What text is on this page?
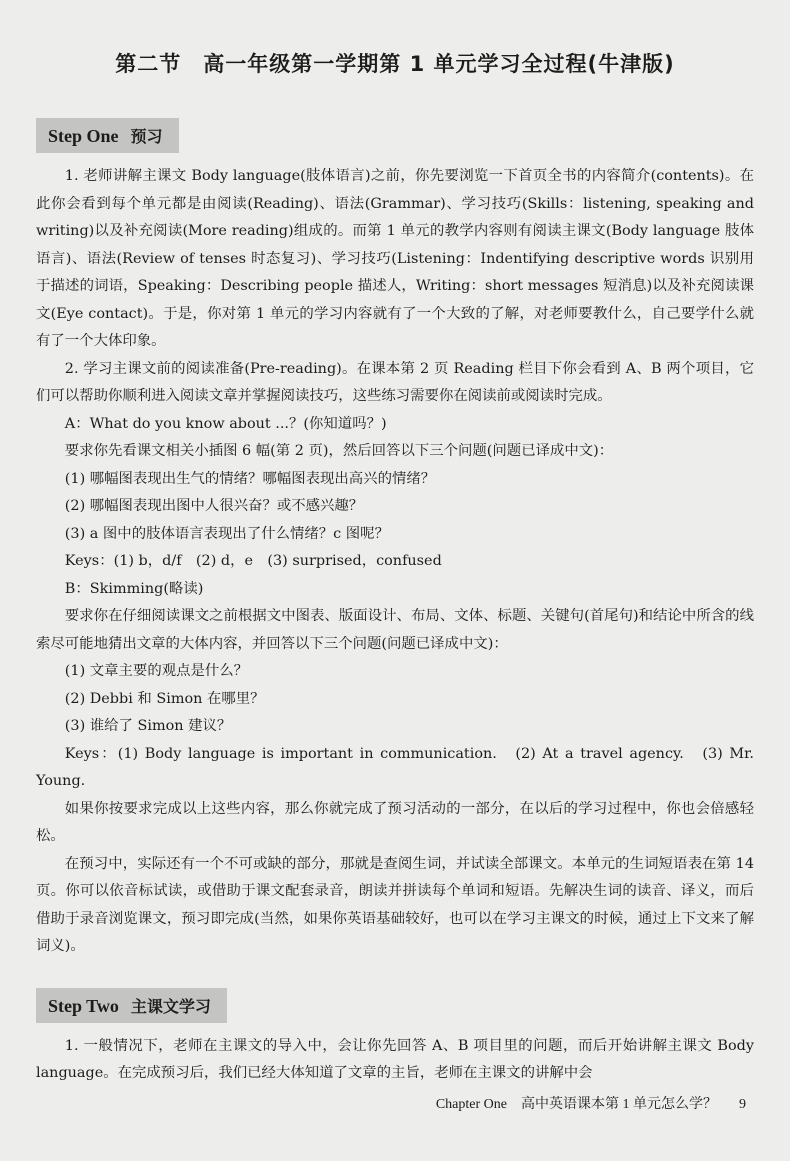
第二节　高一年级第一学期第 1 单元学习全过程(牛津版)
Step One 预习

1. 老师讲解主课文 Body language(肢体语言)之前，你先要浏览一下首页全书的内容简介(contents)。在此你会看到每个单元都是由阅读(Reading)、语法(Grammar)、学习技巧(Skills：listening, speaking and writing)以及补充阅读(More reading)组成的。而第 1 单元的教学内容则有阅读主课文(Body language 肢体语言)、语法(Review of tenses 时态复习)、学习技巧(Listening：Indentifying descriptive words 识别用于描述的词语，Speaking：Describing people 描述人，Writing：short messages 短消息)以及补充阅读课文(Eye contact)。于是，你对第 1 单元的学习内容就有了一个大致的了解，对老师要教什么，自己要学什么就有了一个大体印象。

2. 学习主课文前的阅读准备(Pre-reading)。在课本第 2 页 Reading 栏目下你会看到 A、B 两个项目，它们可以帮助你顺利进入阅读文章并掌握阅读技巧，这些练习需要你在阅读前或阅读时完成。

A：What do you know about ...？(你知道吗？)

要求你先看课文相关小插图 6 幅(第 2 页)，然后回答以下三个问题(问题已译成中文)：

(1) 哪幅图表现出生气的情绪？哪幅图表现出高兴的情绪？

(2) 哪幅图表现出图中人很兴奋？或不感兴趣？

(3) a 图中的肢体语言表现出了什么情绪？c 图呢？

Keys：(1) b，d/f　(2) d，e　(3) surprised，confused

B：Skimming(略读)

要求你在仔细阅读课文之前根据文中图表、版面设计、布局、文体、标题、关键句(首尾句)和结论中所含的线索尽可能地猜出文章的大体内容，并回答以下三个问题(问题已译成中文)：

(1) 文章主要的观点是什么？

(2) Debbi 和 Simon 在哪里？

(3) 谁给了 Simon 建议？

Keys：(1) Body language is important in communication.　(2) At a travel agency.　(3) Mr. Young.

如果你按要求完成以上这些内容，那么你就完成了预习活动的一部分，在以后的学习过程中，你也会倍感轻松。

在预习中，实际还有一个不可或缺的部分，那就是查阅生词，并试读全部课文。本单元的生词短语表在第 14 页。你可以依音标试读，或借助于课文配套录音，朗读并拼读每个单词和短语。先解决生词的读音、译义，而后借助于录音浏览课文，预习即完成(当然，如果你英语基础较好，也可以在学习主课文的时候，通过上下文来了解词义)。

Step Two 主课文学习

1. 一般情况下，老师在主课文的导入中，会让你先回答 A、B 项目里的问题，而后开始讲解主课文 Body language。在完成预习后，我们已经大体知道了文章的主旨，老师在主课文的讲解中会

Chapter One　高中英语课本第 1 单元怎么学？ 9
